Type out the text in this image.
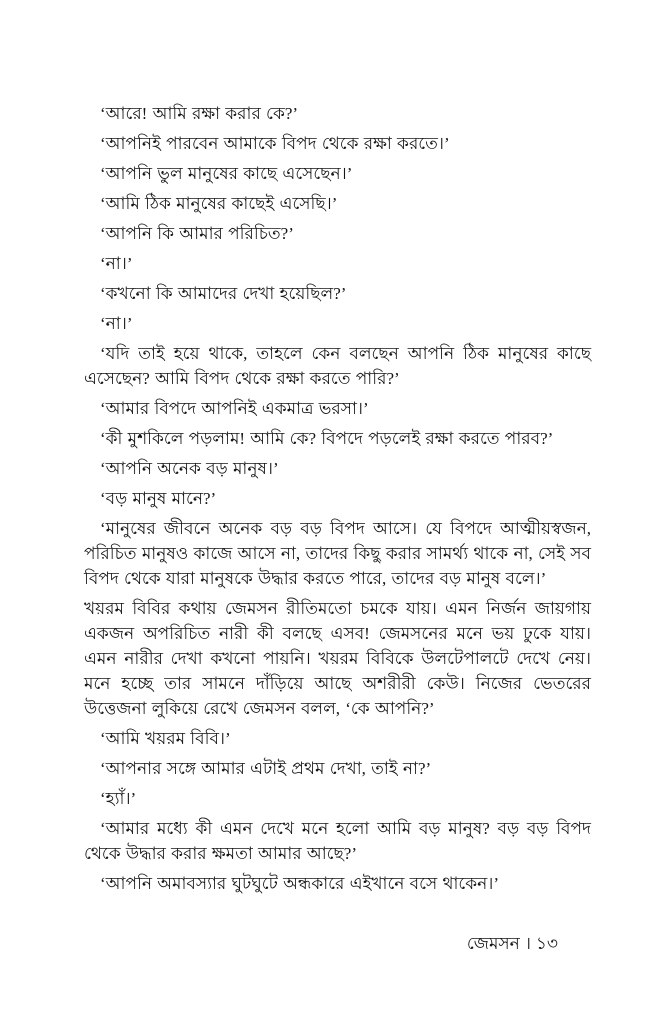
‘আরে! আমি রক্ষা করার কে?’

‘আপনিই পারবেন আমাকে বিপদ থেকে রক্ষা করতে।’

‘আপনি ভুল মানুষের কাছে এসেছেন।’

‘আমি ঠিক মানুষের কাছেই এসেছি।’

‘আপনি কি আমার পরিচিত?’

‘না।’

‘কখনো কি আমাদের দেখা হয়েছিল?’

‘না।’

‘যদি তাই হয়ে থাকে, তাহলে কেন বলছেন আপনি ঠিক মানুষের কাছে এসেছেন? আমি বিপদ থেকে রক্ষা করতে পারি?’

‘আমার বিপদে আপনিই একমাত্র ভরসা।’

‘কী মুশকিলে পড়লাম! আমি কে? বিপদে পড়লেই রক্ষা করতে পারব?’

‘আপনি অনেক বড় মানুষ।’

‘বড় মানুষ মানে?’

‘মানুষের জীবনে অনেক বড় বড় বিপদ আসে। যে বিপদে আত্মীয়স্বজন, পরিচিত মানুষও কাজে আসে না, তাদের কিছু করার সামর্থ্য থাকে না, সেই সব বিপদ থেকে যারা মানুষকে উদ্ধার করতে পারে, তাদের বড় মানুষ বলে।’

খয়রম বিবির কথায় জেমসন রীতিমতো চমকে যায়। এমন নির্জন জায়গায় একজন অপরিচিত নারী কী বলছে এসব! জেমসনের মনে ভয় ঢুকে যায়। এমন নারীর দেখা কখনো পায়নি। খয়রম বিবিকে উলটেপালটে দেখে নেয়। মনে হচ্ছে তার সামনে দাঁড়িয়ে আছে অশরীরী কেউ। নিজের ভেতরের উত্তেজনা লুকিয়ে রেখে জেমসন বলল, ‘কে আপনি?’

‘আমি খয়রম বিবি।’

‘আপনার সঙ্গে আমার এটাই প্রথম দেখা, তাই না?’

‘হ্যাঁ।’

‘আমার মধ্যে কী এমন দেখে মনে হলো আমি বড় মানুষ? বড় বড় বিপদ থেকে উদ্ধার করার ক্ষমতা আমার আছে?’

‘আপনি অমাবস্যার ঘুটঘুটে অন্ধকারে এইখানে বসে থাকেন।’

জেমসন । ১৩
